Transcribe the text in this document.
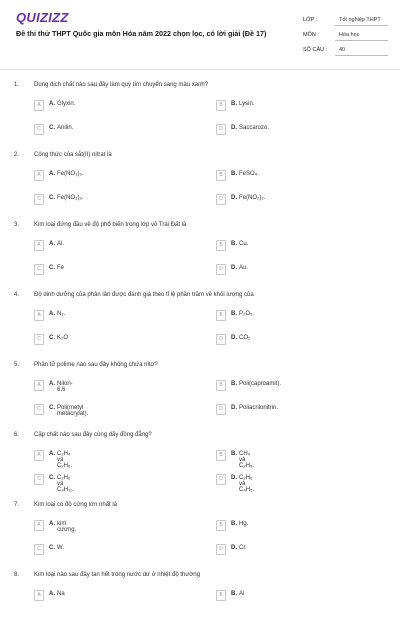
QUIZIZZ
Đề thi thử THPT Quốc gia môn Hóa năm 2022 chọn lọc, có lời giải (Đề 17)
LỚP :	Tốt nghiệp THPT
MÔN :	Hóa học
SỐ CÂU : 40
1. Dung dịch chất nào sau đây làm quỳ tím chuyển sang màu xanh?
A	A. Glyxin.	B	B. Lysin.
C	C. Anilin.	D	D. Saccarozo.
2. Công thức của sắt(II) nitrat là
A	A. Fe(NO₃)₃.	B	B. FeSO₄.
C	C. Fe(NO₃)₂.	D	D. Fe(NO₂)₂.
3. Kim loại đứng đầu về độ phổ biến trong lớp vỏ Trái Đất là
A	A. Al.	B	B. Cu.
C	C. Fe	D	D. Au.
4. Độ dinh dưỡng của phân lân được đánh giá theo tỉ lệ phần trăm về khối lượng của
A	A. N₂.	B	B. P₂O₅.
C	C. K₂O	D	D. CO₂
5. Phân tử polime nào sau đây không chứa nitơ?
A	A. Nilon-6,6
B	B. Poli(caproamit).
C	C. Poli(metyl metacrylat).
D	D. Poliacrilonitrin.
6. Cặp chất nào sau đây cùng dãy đồng đẳng?
A	A. C₂H₄ và C₂H₆.
B	B. CH₄ và C₂H₆.
C	C. C₂H₆ và C₄H₁₀.
D	D. C₂H₆ và C₄H₆.
7. Kim loại có độ cứng lớn nhất là
A	A. kim cương.
B	B. Hg.
C	C. W.	D	D. Cr.
8. Kim loại nào sau đây tan hết trong nước dư ở nhiệt độ thường
A	A. Na	B	B. Al
